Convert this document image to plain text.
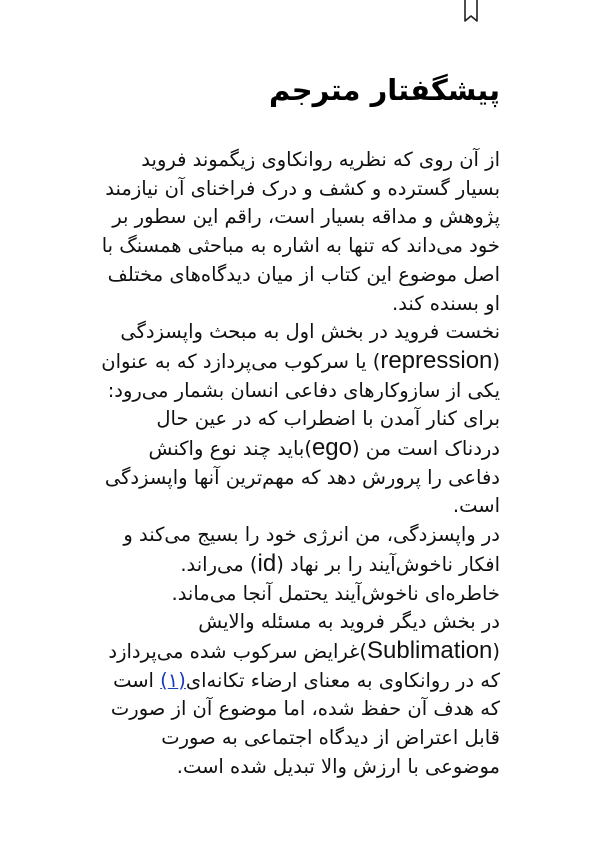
پیشگفتار مترجم

از آن روی که نظریه روانکاوی زیگموند فروید بسیار گسترده و کشف و درک فراخنای آن نیازمند پژوهش و مداقه بسیار است، راقم این سطور بر خود می‌داند که تنها به اشاره به مباحثی همسنگ با اصل موضوع این کتاب از میان دیدگاه‌های مختلف او بسنده کند.

نخست فروید در بخش اول به مبحث واپسزدگی (repression) یا سرکوب می‌پردازد که به عنوان یکی از سازوکارهای دفاعی انسان بشمار می‌رود: برای کنار آمدن با اضطراب که در عین حال دردناک است من (ego)باید چند نوع واکنش دفاعی را پرورش دهد که مهم‌ترین آنها واپسزدگی است.

در واپسزدگی، من انرژی خود را بسیج می‌کند و افکار ناخوش‌آیند را بر نهاد (id) می‌راند. خاطره‌ای ناخوش‌آیند یحتمل آنجا می‌ماند.

در بخش دیگر فروید به مسئله والایش (Sublimation)غرایض سرکوب شده می‌پردازد که در روانکاوی به معنای ارضاء تکانه‌ای(۱) است که هدف آن حفظ شده، اما موضوع آن از صورت قابل اعتراض از دیدگاه اجتماعی به صورت موضوعی با ارزش والا تبدیل شده است.
